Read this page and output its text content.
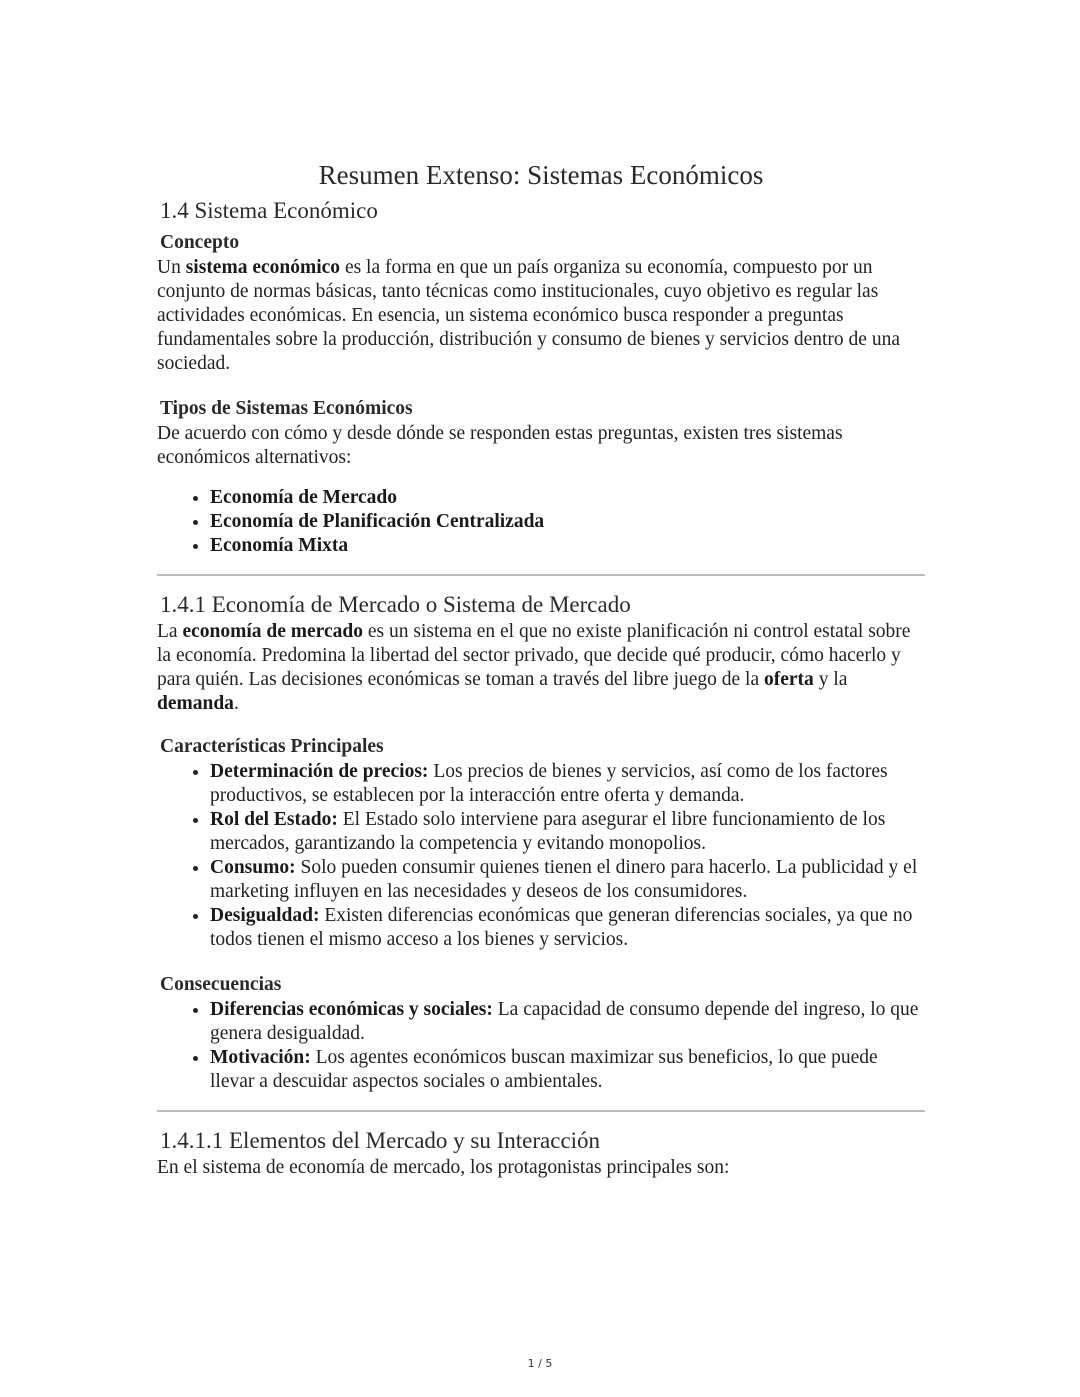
Resumen Extenso: Sistemas Económicos
1.4 Sistema Económico
Concepto

Un sistema económico es la forma en que un país organiza su economía, compuesto por un conjunto de normas básicas, tanto técnicas como institucionales, cuyo objetivo es regular las actividades económicas. En esencia, un sistema económico busca responder a preguntas fundamentales sobre la producción, distribución y consumo de bienes y servicios dentro de una sociedad.

Tipos de Sistemas Económicos

De acuerdo con cómo y desde dónde se responden estas preguntas, existen tres sistemas económicos alternativos:

• Economía de Mercado
• Economía de Planificación Centralizada
• Economía Mixta
1.4.1 Economía de Mercado o Sistema de Mercado

La economía de mercado es un sistema en el que no existe planificación ni control estatal sobre la economía. Predomina la libertad del sector privado, que decide qué producir, cómo hacerlo y para quién. Las decisiones económicas se toman a través del libre juego de la oferta y la demanda.

Características Principales
• Determinación de precios: Los precios de bienes y servicios, así como de los factores productivos, se establecen por la interacción entre oferta y demanda.
• Rol del Estado: El Estado solo interviene para asegurar el libre funcionamiento de los mercados, garantizando la competencia y evitando monopolios.
• Consumo: Solo pueden consumir quienes tienen el dinero para hacerlo. La publicidad y el marketing influyen en las necesidades y deseos de los consumidores.
• Desigualdad: Existen diferencias económicas que generan diferencias sociales, ya que no todos tienen el mismo acceso a los bienes y servicios.
Consecuencias
• Diferencias económicas y sociales: La capacidad de consumo depende del ingreso, lo que genera desigualdad.
• Motivación: Los agentes económicos buscan maximizar sus beneficios, lo que puede llevar a descuidar aspectos sociales o ambientales.
1.4.1.1 Elementos del Mercado y su Interacción

En el sistema de economía de mercado, los protagonistas principales son:

1 / 5
